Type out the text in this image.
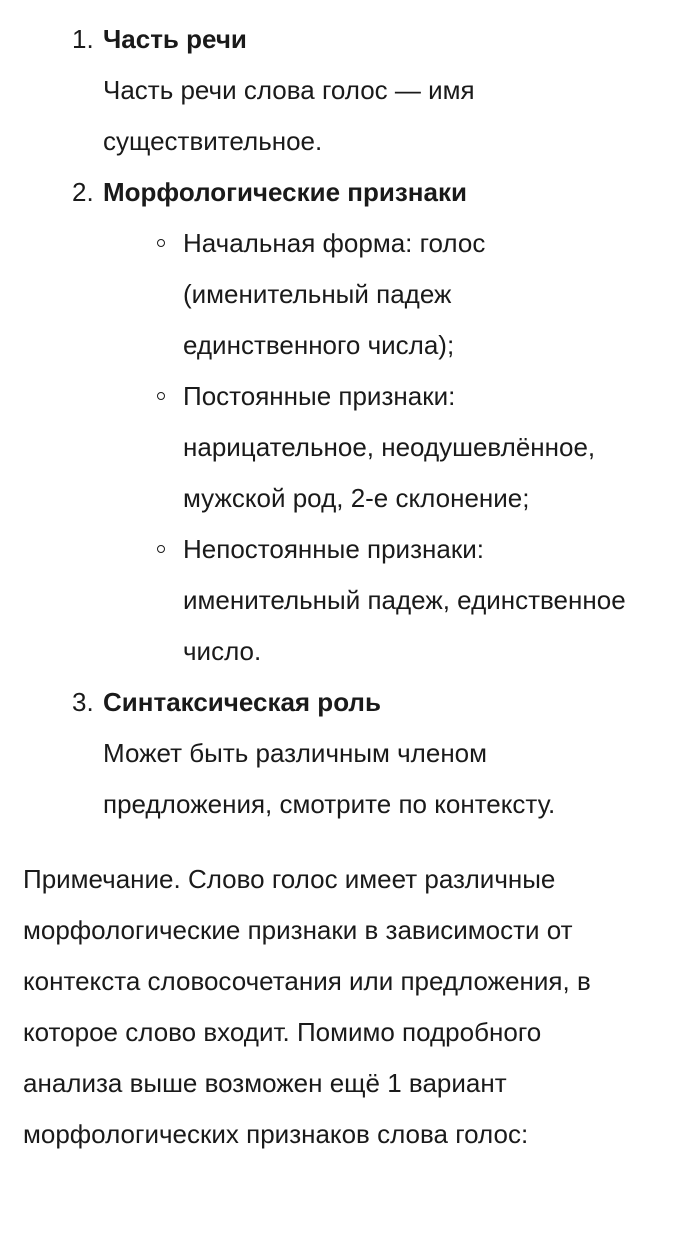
1. Часть речи
Часть речи слова голос — имя
существительное.
2. Морфологические признаки
Начальная форма: голос
(именительный падеж
единственного числа);
Постоянные признаки:
нарицательное, неодушевлённое,
мужской род, 2-е склонение;
Непостоянные признаки:
именительный падеж, единственное
число.
3. Синтаксическая роль
Может быть различным членом
предложения, смотрите по контексту.
Примечание. Слово голос имеет различные
морфологические признаки в зависимости от
контекста словосочетания или предложения, в
которое слово входит. Помимо подробного
анализа выше возможен ещё 1 вариант
морфологических признаков слова голос:
